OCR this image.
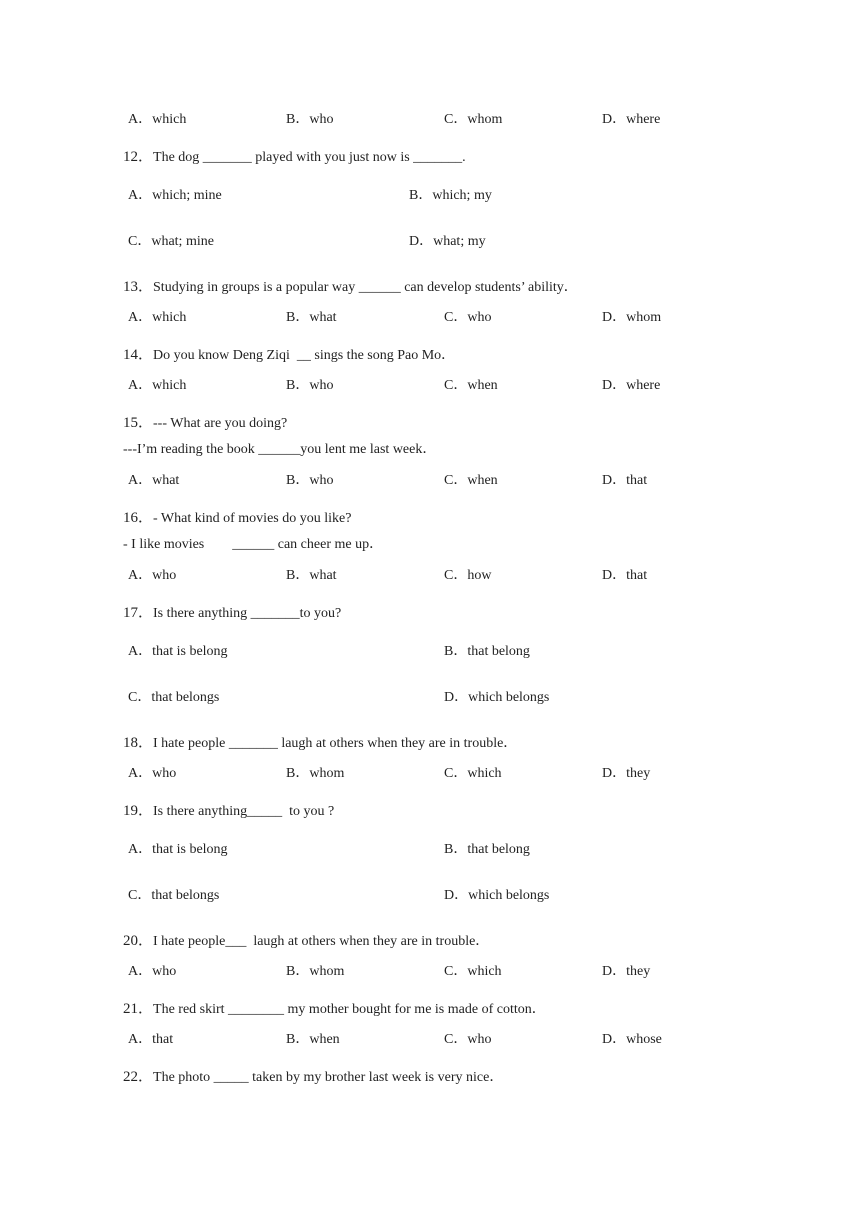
A．which	B．who	C．whom	D．where
12．The dog _______ played with you just now is _______.
A．which; mine	B．which; my
C．what; mine	D．what; my
13．Studying in groups is a popular way ______ can develop students’ ability．
A．which	B．what	C．who	D．whom
14．Do you know Deng Ziqi  __ sings the song Pao Mo．
A．which	B．who	C．when	D．where
15．--- What are you doing?
---I’m reading the book ______you lent me last week．
A．what	B．who	C．when	D．that
16．- What kind of movies do you like?
- I like movies        ______ can cheer me up．
A．who	B．what	C．how	D．that
17．Is there anything _______to you?
A．that is belong	B．that belong
C．that belongs	D．which belongs
18．I hate people _______ laugh at others when they are in trouble．
A．who	B．whom	C．which	D．they
19．Is there anything_____  to you ?
A．that is belong	B．that belong
C．that belongs	D．which belongs
20．I hate people___  laugh at others when they are in trouble．
A．who	B．whom	C．which	D．they
21．The red skirt ________ my mother bought for me is made of cotton．
A．that	B．when	C．who	D．whose
22．The photo _____ taken by my brother last week is very nice．
